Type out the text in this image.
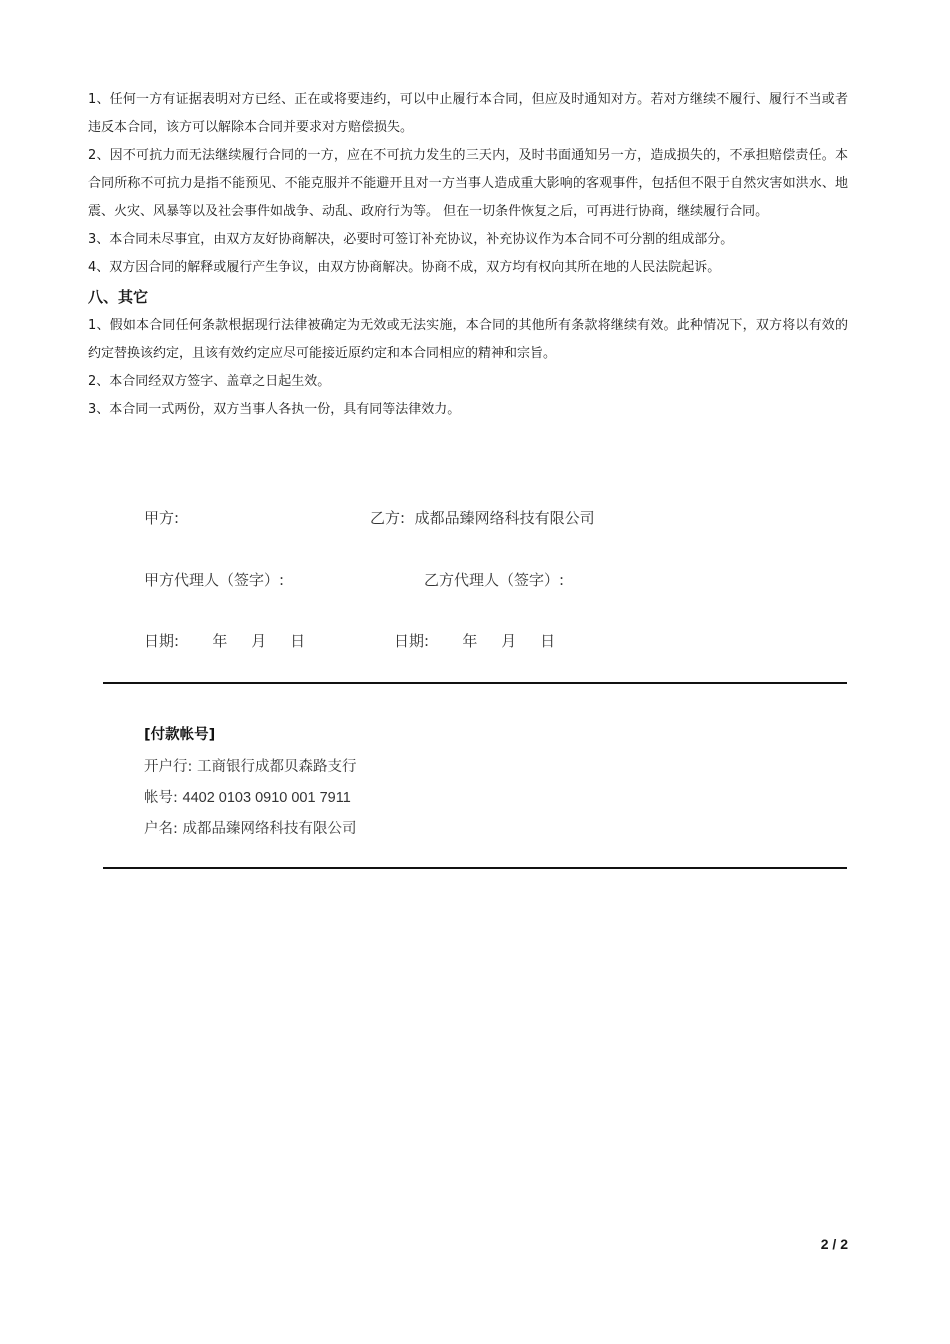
1、任何一方有证据表明对方已经、正在或将要违约，可以中止履行本合同，但应及时通知对方。若对方继续不履行、履行不当或者违反本合同，该方可以解除本合同并要求对方赔偿损失。

2、因不可抗力而无法继续履行合同的一方，应在不可抗力发生的三天内，及时书面通知另一方，造成损失的，不承担赔偿责任。本合同所称不可抗力是指不能预见、不能克服并不能避开且对一方当事人造成重大影响的客观事件，包括但不限于自然灾害如洪水、地震、火灾、风暴等以及社会事件如战争、动乱、政府行为等。 但在一切条件恢复之后，可再进行协商，继续履行合同。

3、本合同未尽事宜，由双方友好协商解决，必要时可签订补充协议，补充协议作为本合同不可分割的组成部分。

4、双方因合同的解释或履行产生争议，由双方协商解决。协商不成，双方均有权向其所在地的人民法院起诉。

八、其它

1、假如本合同任何条款根据现行法律被确定为无效或无法实施，本合同的其他所有条款将继续有效。此种情况下，双方将以有效的约定替换该约定，且该有效约定应尽可能接近原约定和本合同相应的精神和宗旨。

2、本合同经双方签字、盖章之日起生效。

3、本合同一式两份，双方当事人各执一份，具有同等法律效力。

甲方:	乙方:  成都品臻网络科技有限公司
甲方代理人（签字）:	乙方代理人（签字）:
日期:       年     月     日	日期:       年     月     日
[付款帐号]
开户行: 工商银行成都贝森路支行
帐号: 4402 0103 0910 001 7911
户名: 成都品臻网络科技有限公司
2 / 2
